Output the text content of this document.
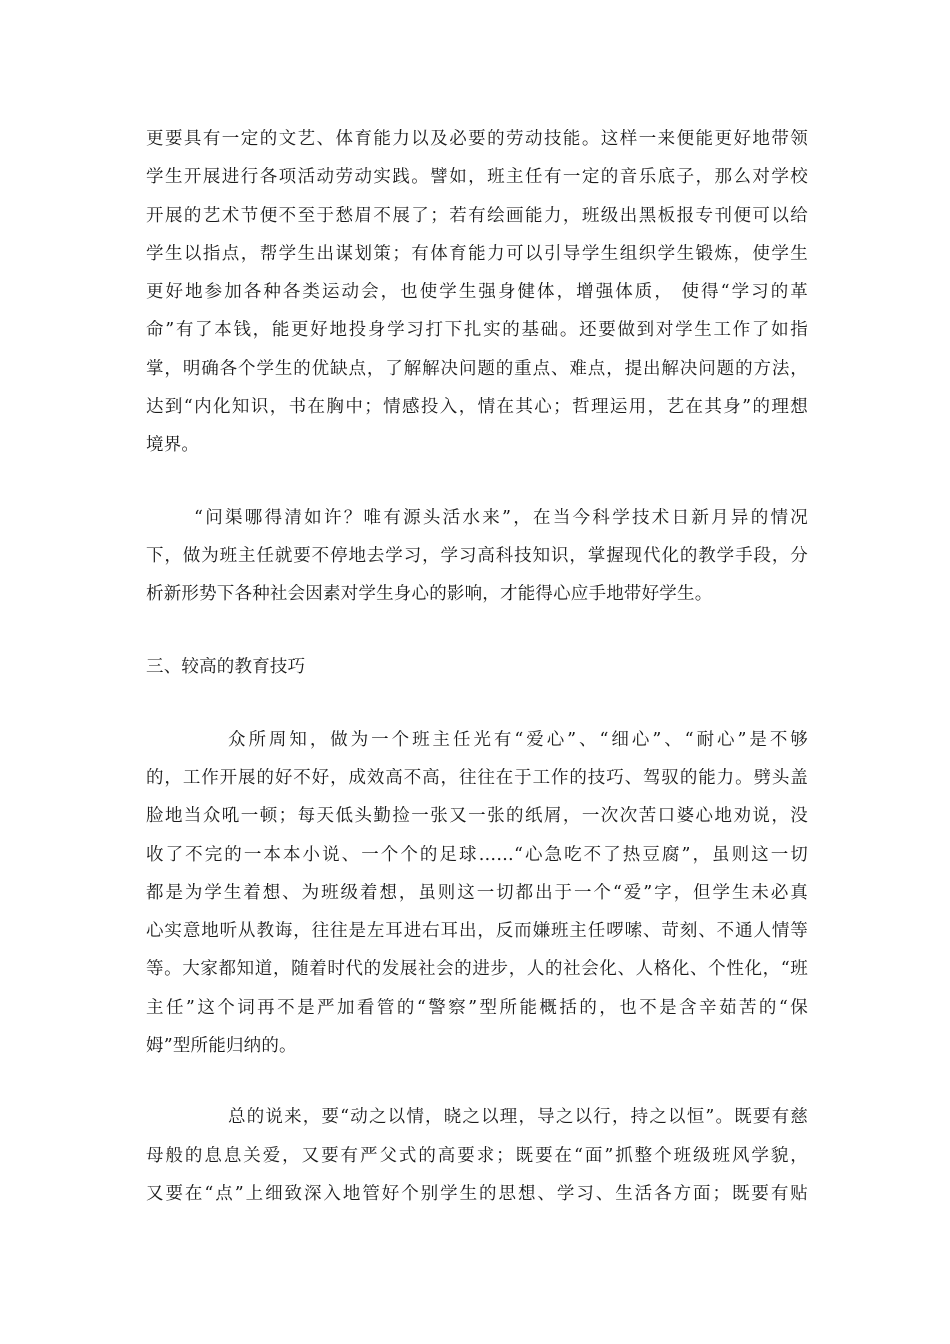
更要具有一定的文艺、体育能力以及必要的劳动技能。这样一来便能更好地带领
学生开展进行各项活动劳动实践。譬如，班主任有一定的音乐底子，那么对学校
开展的艺术节便不至于愁眉不展了；若有绘画能力，班级出黑板报专刊便可以给
学生以指点，帮学生出谋划策；有体育能力可以引导学生组织学生锻炼，使学生
更好地参加各种各类运动会，也使学生强身健体，增强体质， 使得“学习的革
命”有了本钱，能更好地投身学习打下扎实的基础。还要做到对学生工作了如指
掌，明确各个学生的优缺点，了解解决问题的重点、难点，提出解决问题的方法，
达到“内化知识，书在胸中；情感投入，情在其心；哲理运用，艺在其身”的理想
境界。
“问渠哪得清如许？唯有源头活水来”，在当今科学技术日新月异的情况
下，做为班主任就要不停地去学习，学习高科技知识，掌握现代化的教学手段，分
析新形势下各种社会因素对学生身心的影响，才能得心应手地带好学生。
三、较高的教育技巧
众所周知，做为一个班主任光有“爱心”、“细心”、“耐心”是不够
的，工作开展的好不好，成效高不高，往往在于工作的技巧、驾驭的能力。劈头盖
脸地当众吼一顿；每天低头勤捡一张又一张的纸屑，一次次苦口婆心地劝说，没
收了不完的一本本小说、一个个的足球……“心急吃不了热豆腐”，虽则这一切
都是为学生着想、为班级着想，虽则这一切都出于一个“爱”字，但学生未必真
心实意地听从教诲，往往是左耳进右耳出，反而嫌班主任啰嗦、苛刻、不通人情等
等。大家都知道，随着时代的发展社会的进步，人的社会化、人格化、个性化，“班
主任”这个词再不是严加看管的“警察”型所能概括的，也不是含辛茹苦的“保
姆”型所能归纳的。
总的说来，要“动之以情，晓之以理，导之以行，持之以恒”。既要有慈
母般的息息关爱，又要有严父式的高要求；既要在“面”抓整个班级班风学貌，
又要在“点”上细致深入地管好个别学生的思想、学习、生活各方面；既要有贴
